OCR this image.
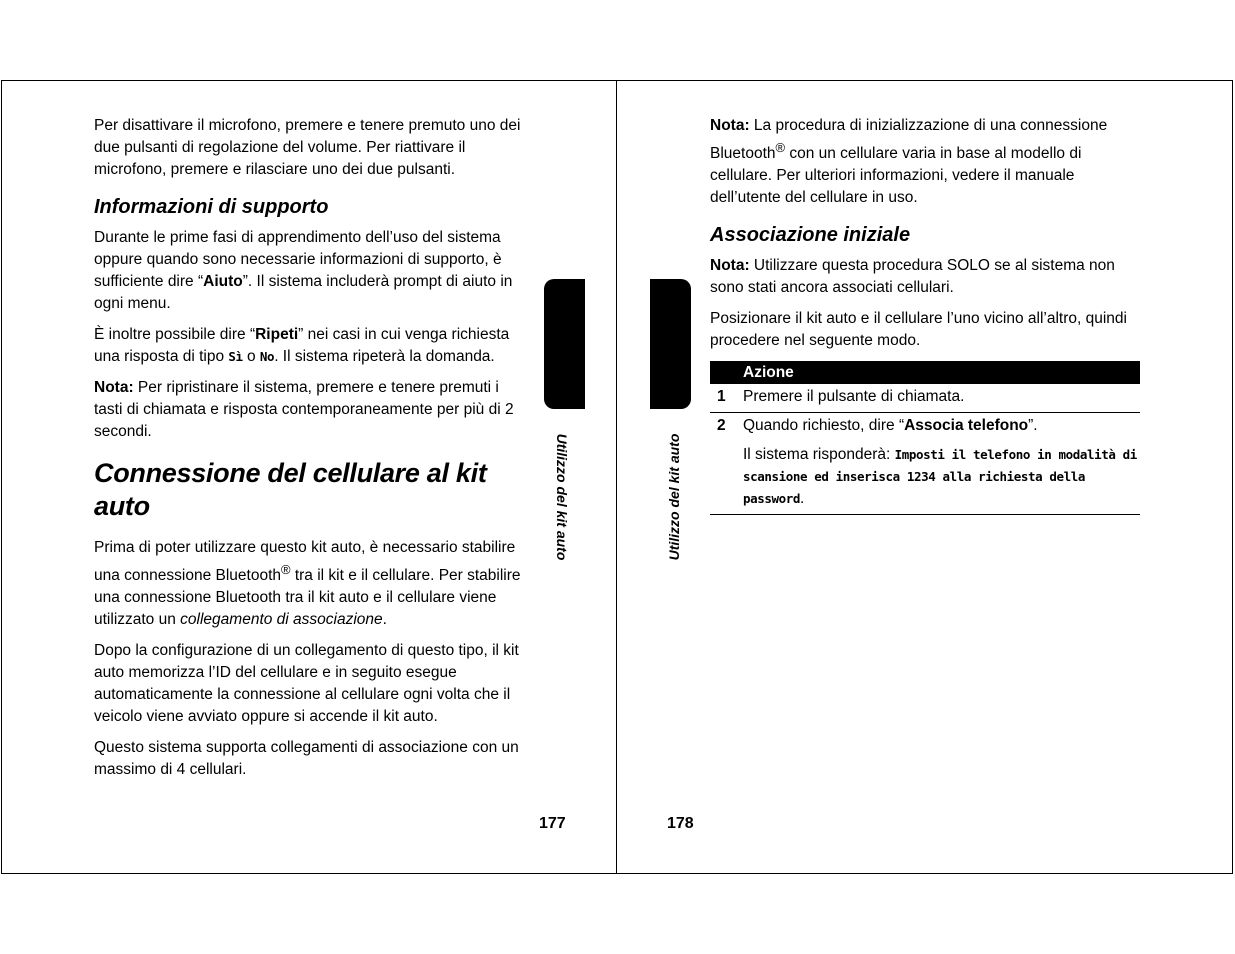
Per disattivare il microfono, premere e tenere premuto uno dei due pulsanti di regolazione del volume. Per riattivare il microfono, premere e rilasciare uno dei due pulsanti.

Informazioni di supporto

Durante le prime fasi di apprendimento dell’uso del sistema oppure quando sono necessarie informazioni di supporto, è sufficiente dire “Aiuto”. Il sistema includerà prompt di aiuto in ogni menu.

È inoltre possibile dire “Ripeti” nei casi in cui venga richiesta una risposta di tipo Sì o No. Il sistema ripeterà la domanda.

Nota: Per ripristinare il sistema, premere e tenere premuti i tasti di chiamata e risposta contemporaneamente per più di 2 secondi.

Connessione del cellulare al kit auto

Prima di poter utilizzare questo kit auto, è necessario stabilire una connessione Bluetooth® tra il kit e il cellulare. Per stabilire una connessione Bluetooth tra il kit auto e il cellulare viene utilizzato un collegamento di associazione.

Dopo la configurazione di un collegamento di questo tipo, il kit auto memorizza l’ID del cellulare e in seguito esegue automaticamente la connessione al cellulare ogni volta che il veicolo viene avviato oppure si accende il kit auto.

Questo sistema supporta collegamenti di associazione con un massimo di 4 cellulari.

Utilizzo del kit auto
177
Utilizzo del kit auto
178

Nota: La procedura di inizializzazione di una connessione Bluetooth® con un cellulare varia in base al modello di cellulare. Per ulteriori informazioni, vedere il manuale dell’utente del cellulare in uso.

Associazione iniziale

Nota: Utilizzare questa procedura SOLO se al sistema non sono stati ancora associati cellulari.

Posizionare il kit auto e il cellulare l’uno vicino all’altro, quindi procedere nel seguente modo.

Azione	
1	Premere il pulsante di chiamata.
2	Quando richiesto, dire “Associa telefono”.
Il sistema risponderà: Imposti il telefono in modalità di scansione ed inserisca 1234 alla richiesta della password.
